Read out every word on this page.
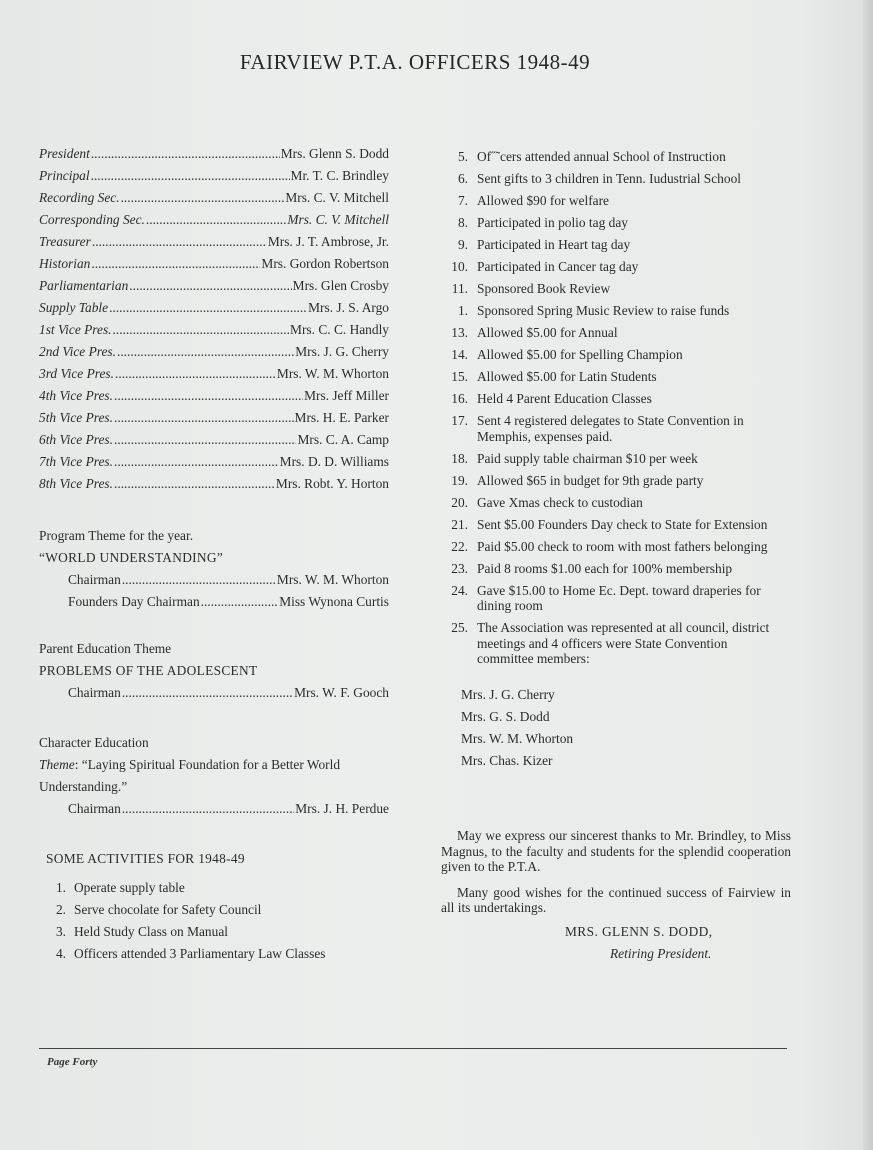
FAIRVIEW P.T.A. OFFICERS 1948-49
President .....	Mrs. Glenn S. Dodd
Principal .....	Mr. T. C. Brindley
Recording Sec. .....	Mrs. C. V. Mitchell
Corresponding Sec. .....	Mrs. C. V. Mitchell
Treasurer .....	Mrs. J. T. Ambrose, Jr.
Historian .....	Mrs. Gordon Robertson
Parliamentarian .....	Mrs. Glen Crosby
Supply Table .....	Mrs. J. S. Argo
1st Vice Pres. .....	Mrs. C. C. Handly
2nd Vice Pres. .....	Mrs. J. G. Cherry
3rd Vice Pres. .....	Mrs. W. M. Whorton
4th Vice Pres. .....	Mrs. Jeff Miller
5th Vice Pres. .....	Mrs. H. E. Parker
6th Vice Pres. .....	Mrs. C. A. Camp
7th Vice Pres. .....	Mrs. D. D. Williams
8th Vice Pres. .....	Mrs. Robt. Y. Horton
Program Theme for the year.
“WORLD UNDERSTANDING”
Chairman .....	Mrs. W. M. Whorton
Founders Day Chairman .....	Miss Wynona Curtis
Parent Education Theme
PROBLEMS OF THE ADOLESCENT
Chairman .....	Mrs. W. F. Gooch
Character Education
Theme: “Laying Spiritual Foundation for a Better World
Understanding.”
Chairman .....	Mrs. J. H. Perdue
SOME ACTIVITIES FOR 1948-49
1. Operate supply table
2. Serve chocolate for Safety Council
3. Held Study Class on Manual
4. Officers attended 3 Parliamentary Law Classes
5. Of˝˜cers attended annual School of Instruction
6. Sent gifts to 3 children in Tenn. Iudustrial School
7. Allowed $90 for welfare
8. Participated in polio tag day
9. Participated in Heart tag day
10. Participated in Cancer tag day
11. Sponsored Book Review
1. Sponsored Spring Music Review to raise funds
13. Allowed $5.00 for Annual
14. Allowed $5.00 for Spelling Champion
15. Allowed $5.00 for Latin Students
16. Held 4 Parent Education Classes
17. Sent 4 registered delegates to State Convention in Memphis, expenses paid.
18. Paid supply table chairman $10 per week
19. Allowed $65 in budget for 9th grade party
20. Gave Xmas check to custodian
21. Sent $5.00 Founders Day check to State for Extension
22. Paid $5.00 check to room with most fathers belonging
23. Paid 8 rooms $1.00 each for 100% membership
24. Gave $15.00 to Home Ec. Dept. toward draperies for dining room
25. The Association was represented at all council, district meetings and 4 officers were State Convention committee members:
Mrs. J. G. Cherry
Mrs. G. S. Dodd
Mrs. W. M. Whorton
Mrs. Chas. Kizer

May we express our sincerest thanks to Mr. Brindley, to Miss Magnus, to the faculty and students for the splendid cooperation given to the P.T.A.

Many good wishes for the continued success of Fairview in all its undertakings.

MRS. GLENN S. DODD,
Retiring President.
Page Forty
